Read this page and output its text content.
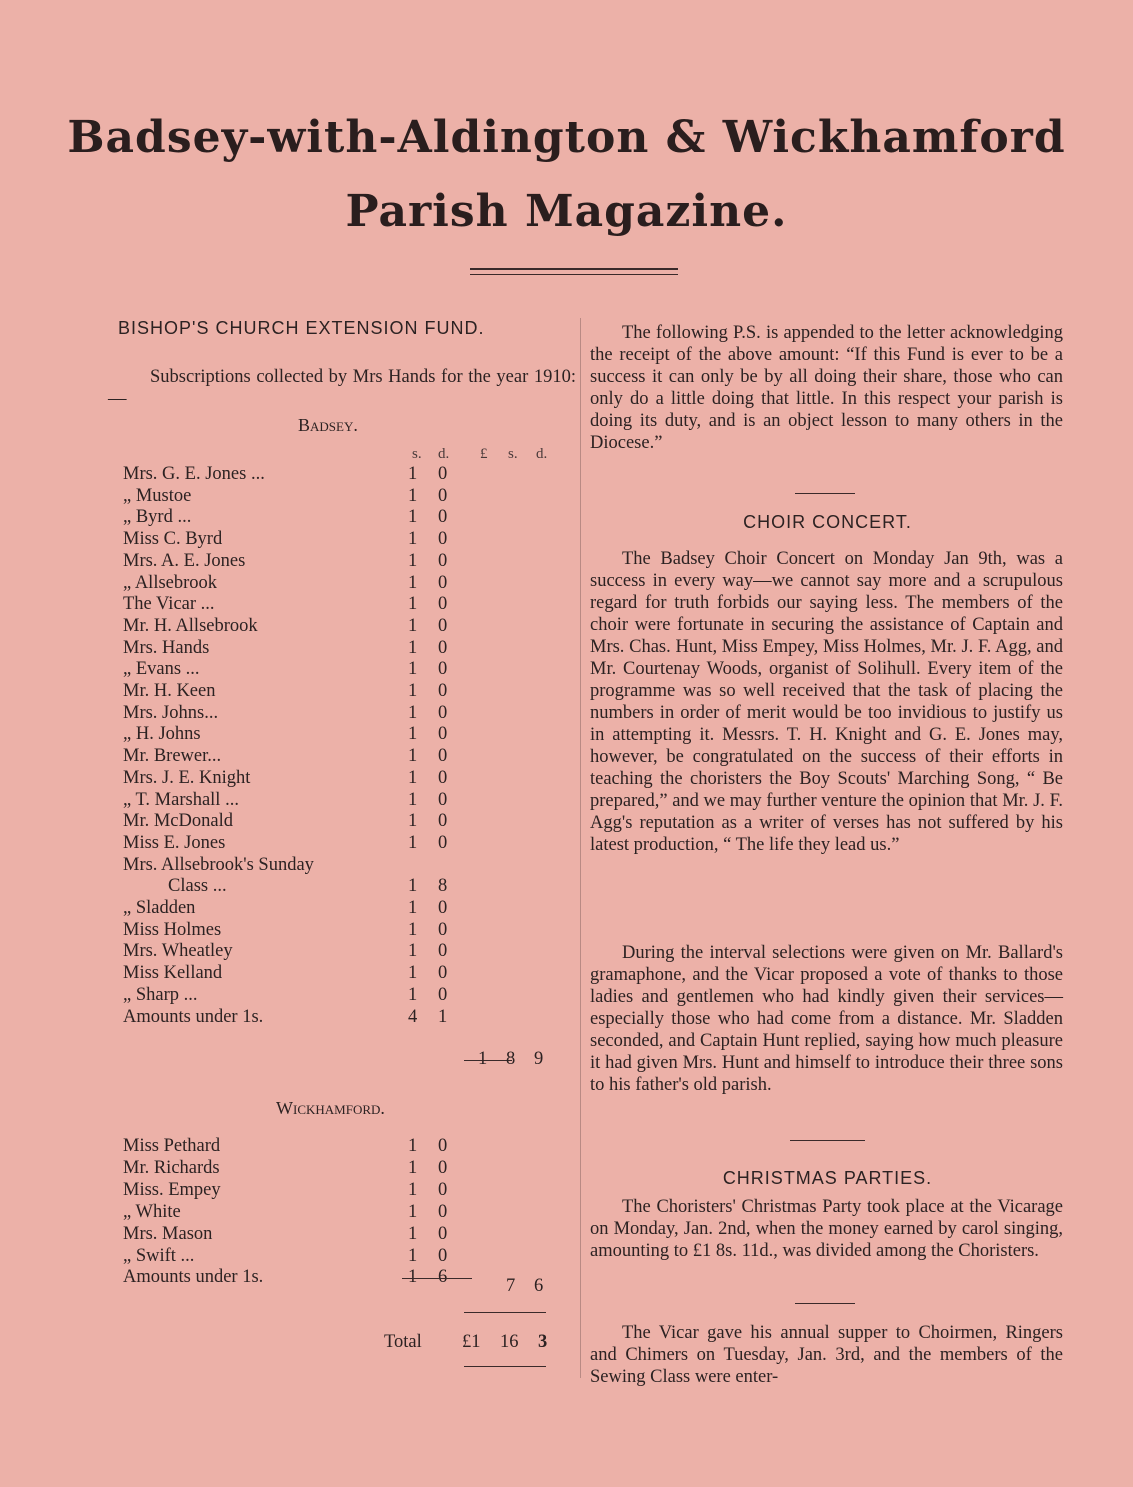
Badsey-with-Aldington & Wickhamford
Parish Magazine.
BISHOP'S CHURCH EXTENSION FUND.

Subscriptions collected by Mrs Hands for the year 1910:—

Badsey.
s. d. £ s. d.
Mrs. G. E. Jones ...	1 0
„ Mustoe	1 0
„ Byrd ...	1 0
Miss C. Byrd	1 0
Mrs. A. E. Jones	1 0
„ Allsebrook	1 0
The Vicar ...	1 0
Mr. H. Allsebrook	1 0
Mrs. Hands	1 0
„ Evans ...	1 0
Mr. H. Keen	1 0
Mrs. Johns...	1 0
„ H. Johns	1 0
Mr. Brewer...	1 0
Mrs. J. E. Knight	1 0
„ T. Marshall ...	1 0
Mr. McDonald	1 0
Miss E. Jones	1 0
Mrs. Allsebrook's Sunday
Class ...	1 8
„ Sladden	1 0
Miss Holmes	1 0
Mrs. Wheatley	1 0
Miss Kelland	1 0
„ Sharp ...	1 0
Amounts under 1s.	4 1
1 8 9
Wickhamford.
Miss Pethard	1 0
Mr. Richards	1 0
Miss. Empey	1 0
„ White	1 0
Mrs. Mason	1 0
„ Swift ...	1 0
Amounts under 1s.	7 6
Total £1 16 3

The following P.S. is appended to the letter acknowledging the receipt of the above amount: “If this Fund is ever to be a success it can only be by all doing their share, those who can only do a little doing that little. In this respect your parish is doing its duty, and is an object lesson to many others in the Diocese.”

CHOIR CONCERT.

The Badsey Choir Concert on Monday Jan 9th, was a success in every way—we cannot say more and a scrupulous regard for truth forbids our saying less. The members of the choir were fortunate in securing the assistance of Captain and Mrs. Chas. Hunt, Miss Empey, Miss Holmes, Mr. J. F. Agg, and Mr. Courtenay Woods, organist of Solihull. Every item of the programme was so well received that the task of placing the numbers in order of merit would be too invidious to justify us in attempting it. Messrs. T. H. Knight and G. E. Jones may, however, be congratulated on the success of their efforts in teaching the choristers the Boy Scouts' Marching Song, “ Be prepared,” and we may further venture the opinion that Mr. J. F. Agg's reputation as a writer of verses has not suffered by his latest production, “ The life they lead us.”

During the interval selections were given on Mr. Ballard's gramaphone, and the Vicar proposed a vote of thanks to those ladies and gentlemen who had kindly given their services—especially those who had come from a distance. Mr. Sladden seconded, and Captain Hunt replied, saying how much pleasure it had given Mrs. Hunt and himself to introduce their three sons to his father's old parish.

CHRISTMAS PARTIES.

The Choristers' Christmas Party took place at the Vicarage on Monday, Jan. 2nd, when the money earned by carol singing, amounting to £1 8s. 11d., was divided among the Choristers.

The Vicar gave his annual supper to Choirmen, Ringers and Chimers on Tuesday, Jan. 3rd, and the members of the Sewing Class were enter-
